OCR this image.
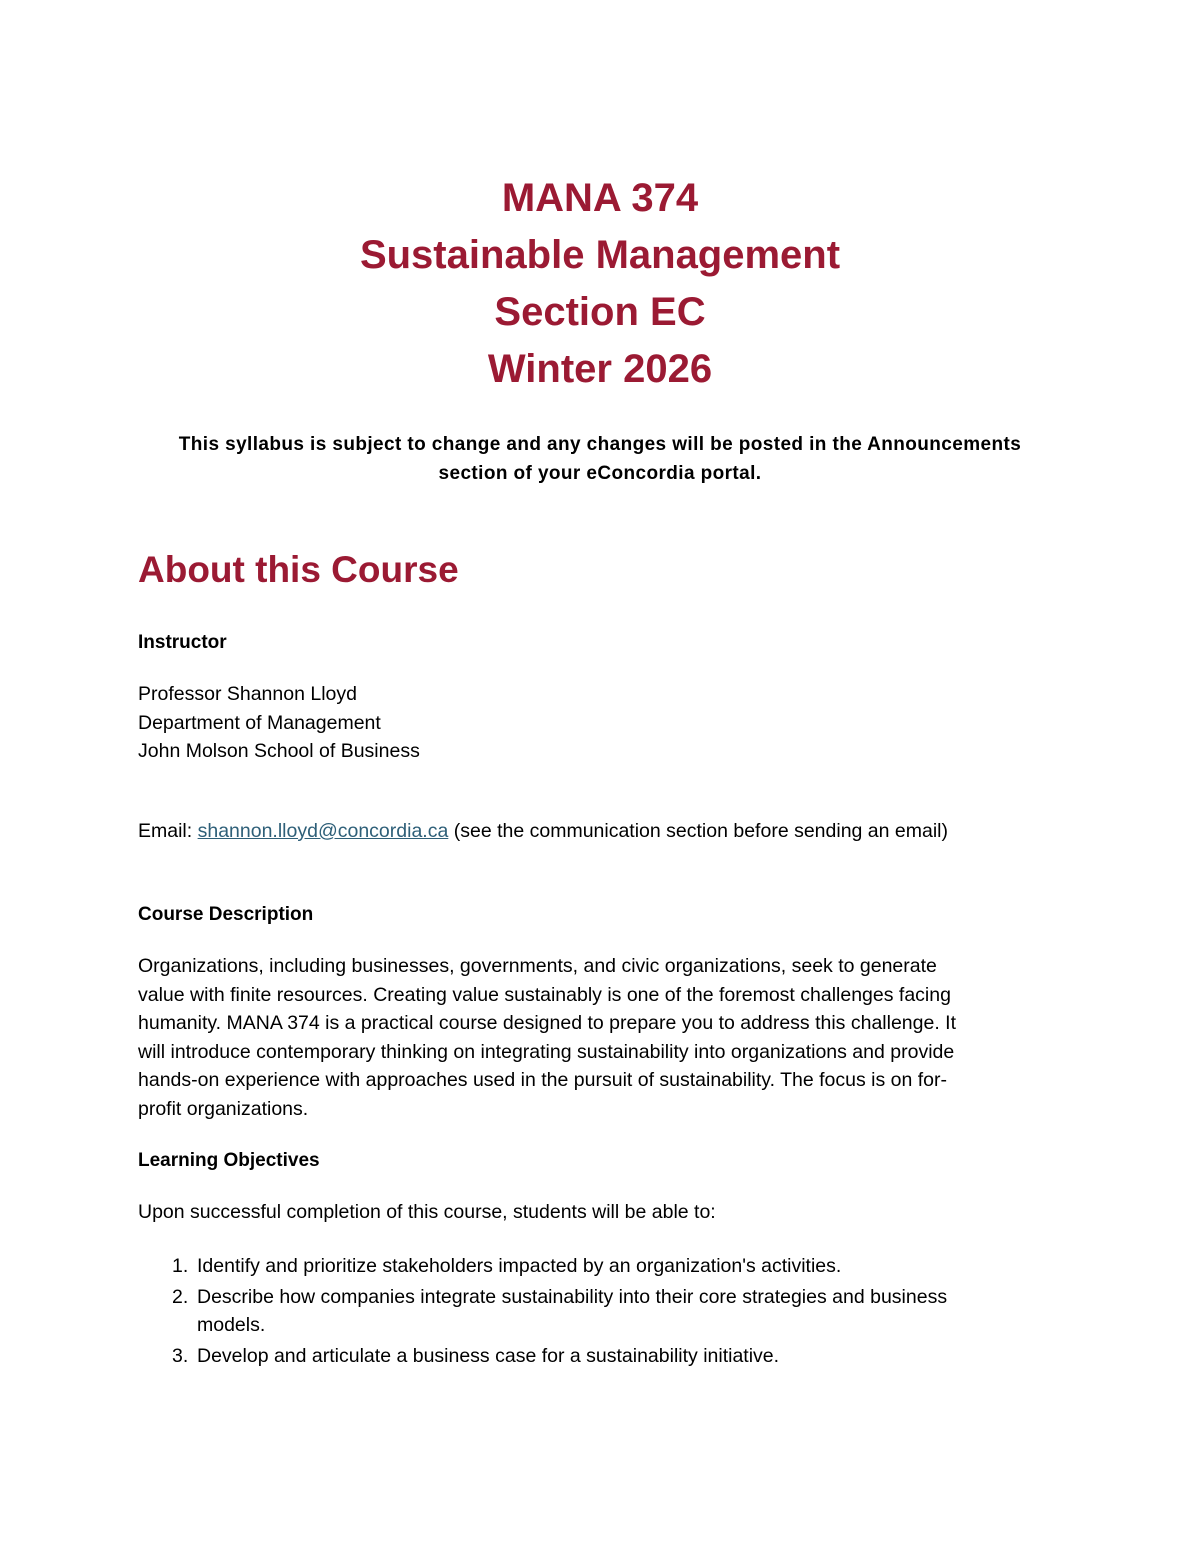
MANA 374
Sustainable Management
Section EC
Winter 2026
This syllabus is subject to change and any changes will be posted in the Announcements
section of your eConcordia portal.
About this Course
Instructor
Professor Shannon Lloyd
Department of Management
John Molson School of Business
Email: shannon.lloyd@concordia.ca (see the communication section before sending an email)
Course Description
Organizations, including businesses, governments, and civic organizations, seek to generate
value with finite resources. Creating value sustainably is one of the foremost challenges facing
humanity. MANA 374 is a practical course designed to prepare you to address this challenge. It
will introduce contemporary thinking on integrating sustainability into organizations and provide
hands-on experience with approaches used in the pursuit of sustainability. The focus is on for-
profit organizations.
Learning Objectives
Upon successful completion of this course, students will be able to:
1. Identify and prioritize stakeholders impacted by an organization's activities.
2. Describe how companies integrate sustainability into their core strategies and business
models.
3. Develop and articulate a business case for a sustainability initiative.
